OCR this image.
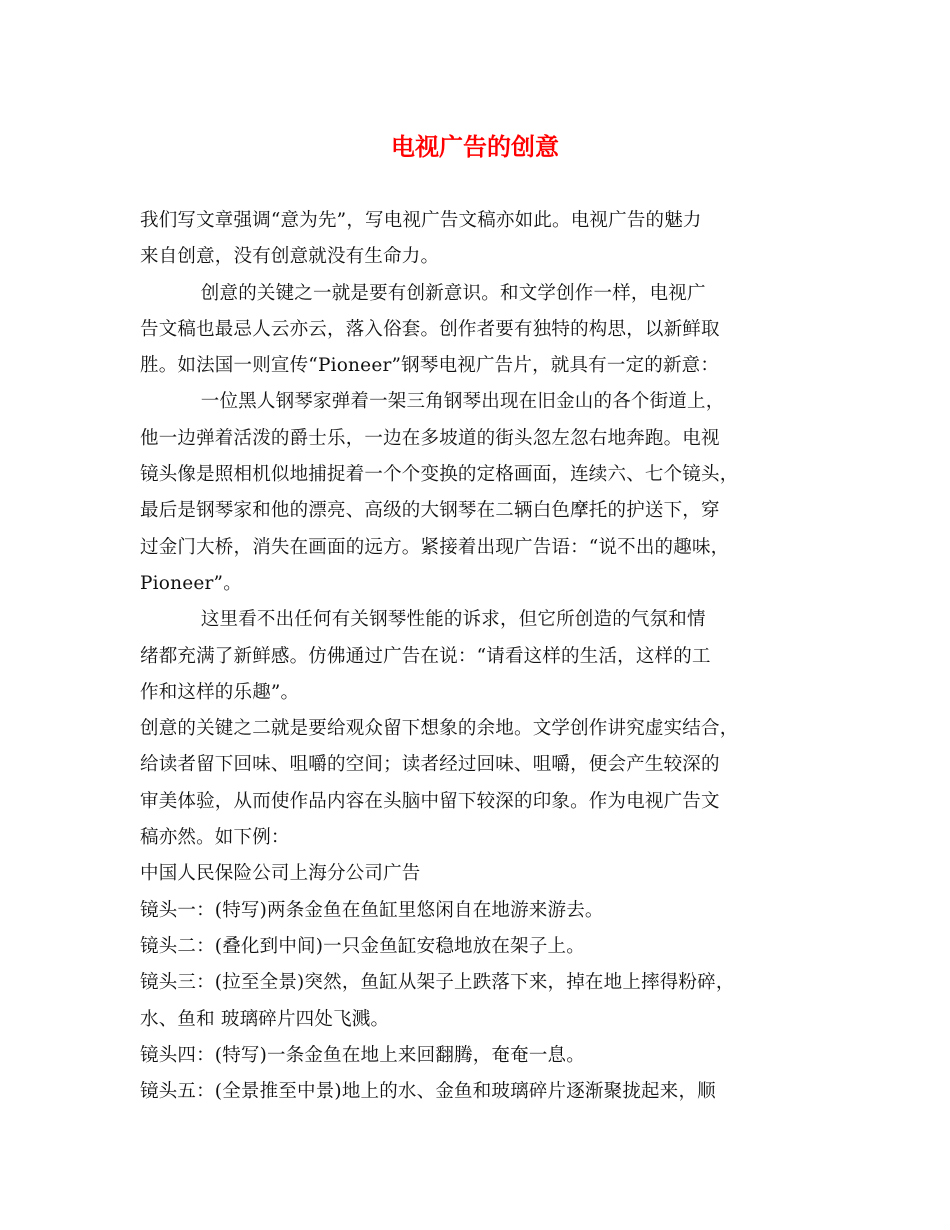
电视广告的创意
我们写文章强调“意为先”，写电视广告文稿亦如此。电视广告的魅力
来自创意，没有创意就没有生命力。
创意的关键之一就是要有创新意识。和文学创作一样，电视广
告文稿也最忌人云亦云，落入俗套。创作者要有独特的构思，以新鲜取
胜。如法国一则宣传“Pioneer”钢琴电视广告片，就具有一定的新意：
一位黑人钢琴家弹着一架三角钢琴出现在旧金山的各个街道上，
他一边弹着活泼的爵士乐，一边在多坡道的街头忽左忽右地奔跑。电视
镜头像是照相机似地捕捉着一个个变换的定格画面，连续六、七个镜头，
最后是钢琴家和他的漂亮、高级的大钢琴在二辆白色摩托的护送下，穿
过金门大桥，消失在画面的远方。紧接着出现广告语：“说不出的趣味，
Pioneer”。
这里看不出任何有关钢琴性能的诉求，但它所创造的气氛和情
绪都充满了新鲜感。仿佛通过广告在说：“请看这样的生活，这样的工
作和这样的乐趣”。
创意的关键之二就是要给观众留下想象的余地。文学创作讲究虚实结合，
给读者留下回味、咀嚼的空间；读者经过回味、咀嚼，便会产生较深的
审美体验，从而使作品内容在头脑中留下较深的印象。作为电视广告文
稿亦然。如下例：
中国人民保险公司上海分公司广告
镜头一：(特写)两条金鱼在鱼缸里悠闲自在地游来游去。
镜头二：(叠化到中间)一只金鱼缸安稳地放在架子上。
镜头三：(拉至全景)突然，鱼缸从架子上跌落下来，掉在地上摔得粉碎，
水、鱼和 玻璃碎片四处飞溅。
镜头四：(特写)一条金鱼在地上来回翻腾，奄奄一息。
镜头五：(全景推至中景)地上的水、金鱼和玻璃碎片逐渐聚拢起来，顺
